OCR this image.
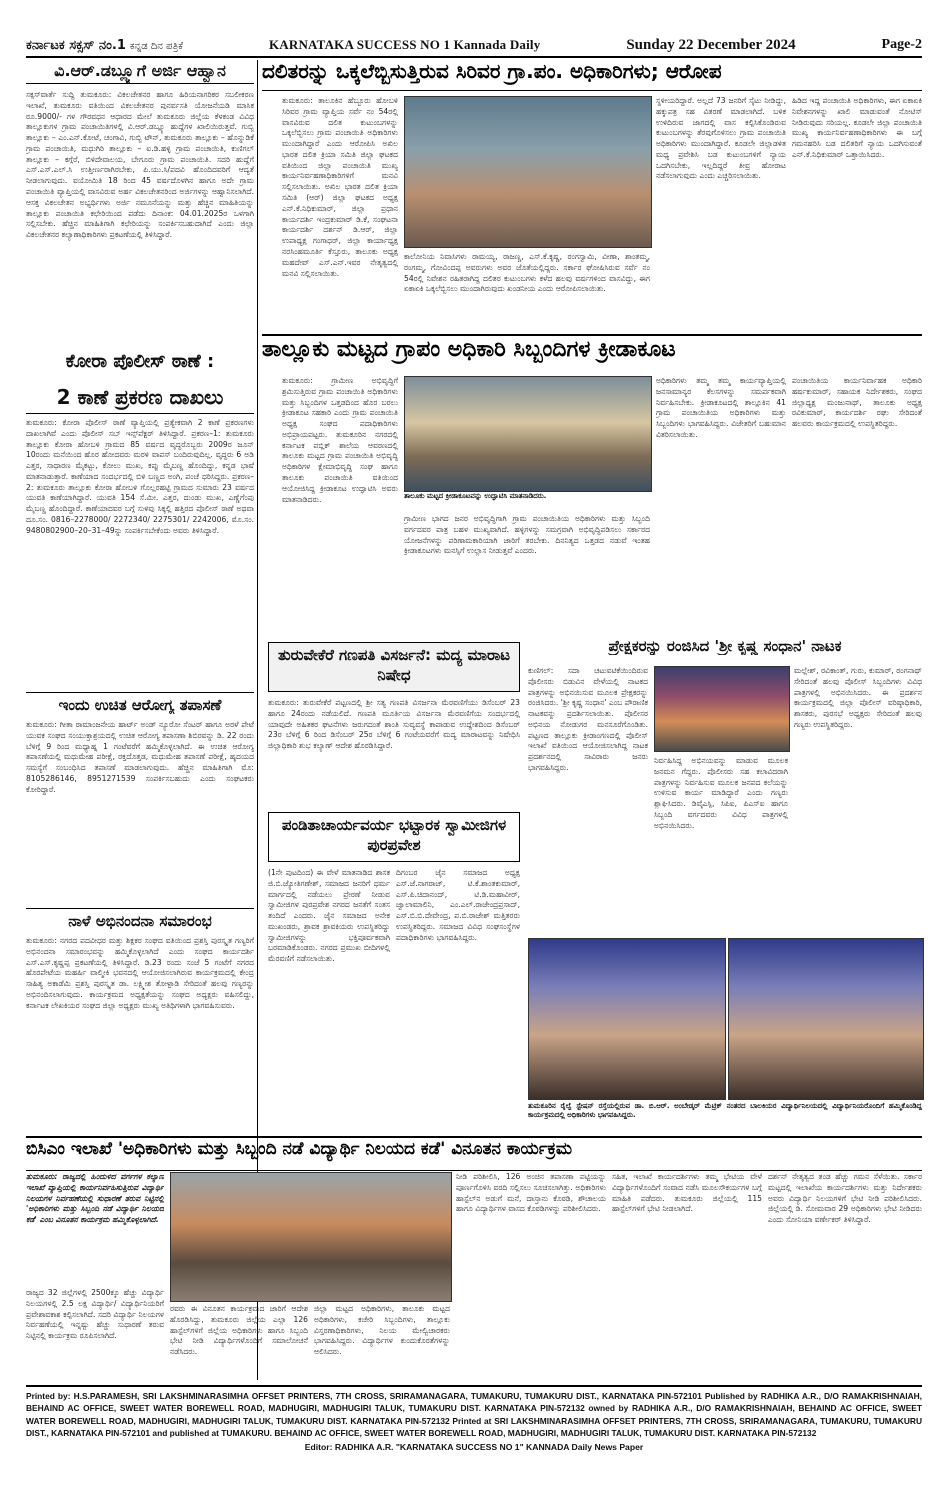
ಕರ್ನಾಟಕ ಸಕ್ಸಸ್ ನಂ.1 ಕನ್ನಡ ದಿನ ಪತ್ರಿಕೆ	KARNATAKA SUCCESS NO 1 Kannada Daily	Sunday 22 December 2024	Page-2
ವಿ.ಆರ್.ಡಬ್ಲ್ಯೂಗೆ ಅರ್ಜಿ ಆಹ್ವಾನ
ಸಕ್ಸಸ್‌ವಾರ್ತೆ ಸುದ್ದಿ ತುಮಕೂರು: ವಿಕಲಚೇತನರ ಹಾಗೂ ಹಿರಿಯನಾಗರಿಕರ ಸಬಲೀಕರಣ ಇಲಾಖೆ, ತುಮಕೂರು ವತಿಯಿಂದ ವಿಕಲಚೇತನರ ಪುನರ್ವಸತಿ ಯೋಜನೆಯಡಿ ಮಾಸಿಕ ರೂ.9000/- ಗಳ ಗೌರವಧನ ಆಧಾರದ ಮೇಲೆ ತುಮಕೂರು ಜಿಲ್ಲೆಯ ಕೆಳಕಂಡ ವಿವಿಧ ತಾಲ್ಲೂಕುಗಳ ಗ್ರಾಮ ಪಂಚಾಯಿತಿಗಳಲ್ಲಿ ವಿ.ಆರ್.ಡಬ್ಲ್ಯೂ ಹುದ್ದೆಗಳ ಖಾಲಿಯಿರುತ್ತವೆ. ಗುಬ್ಬಿ ತಾಲ್ಲೂಕು – ಎಂ.ಎನ್.ಕೋಟೆ, ಚಂಗಾವಿ, ಗುಬ್ಬಿ ಟೌನ್, ತುಮಕೂರು ತಾಲ್ಲೂಕು – ಹೊನ್ನುಡಿಕೆ ಗ್ರಾಮ ಪಂಚಾಯಿತಿ, ಮಧುಗಿರಿ ತಾಲ್ಲೂಕು – ಐ.ಡಿ.ಹಳ್ಳಿ ಗ್ರಾಮ ಪಂಚಾಯಿತಿ, ಕುಣಿಗಲ್ ತಾಲ್ಲೂಕು – ಕಗ್ಗೆರೆ, ಬಿಳಿದೇವಾಲಯ, ಬೇಗೂರು ಗ್ರಾಮ ಪಂಚಾಯಿತಿ. ಸದರಿ ಹುದ್ದೆಗೆ ಎಸ್.ಎಸ್.ಎಲ್.ಸಿ ಉತ್ತೀರ್ಣರಾಗಿರಬೇಕು, ಪಿ.ಯು.ಸಿ/ಪದವಿ ಹೊಂದಿದವರಿಗೆ ಆದ್ಯತೆ ನೀಡಲಾಗುವುದು. ವಯೋಮಿತಿ 18 ರಿಂದ 45 ವರ್ಷದೊಳಗಿನ ಹಾಗೂ ಅದೇ ಗ್ರಾಮ ಪಂಚಾಯಿತಿ ವ್ಯಾಪ್ತಿಯಲ್ಲಿ ವಾಸವಿರುವ ಅರ್ಹ ವಿಕಲಚೇತನರಿಂದ ಅರ್ಜಿಗಳನ್ನು ಆಹ್ವಾನಿಸಲಾಗಿದೆ. ಆಸಕ್ತ ವಿಕಲಚೇತನ ಅಭ್ಯರ್ಥಿಗಳು ಅರ್ಜಿ ನಮೂನೆಯನ್ನು ಮತ್ತು ಹೆಚ್ಚಿನ ಮಾಹಿತಿಯನ್ನು ತಾಲ್ಲೂಕು ಪಂಚಾಯಿತಿ ಕಛೇರಿಯಿಂದ ಪಡೆದು ದಿನಾಂಕ: 04.01.2025ರ ಒಳಗಾಗಿ ಸಲ್ಲಿಸಬೇಕು. ಹೆಚ್ಚಿನ ಮಾಹಿತಿಗಾಗಿ ಕಛೇರಿಯನ್ನು ಸಂಪರ್ಕಿಸಬಹುದಾಗಿದೆ ಎಂದು ಜಿಲ್ಲಾ ವಿಕಲಚೇತನರ ಕಲ್ಯಾಣಾಧಿಕಾರಿಗಳು ಪ್ರಕಟಣೆಯಲ್ಲಿ ತಿಳಿಸಿದ್ದಾರೆ.
ದಲಿತರನ್ನು ಒಕ್ಕಲೆಬ್ಬಿಸುತ್ತಿರುವ ಸಿರಿವರ ಗ್ರಾ.ಪಂ. ಅಧಿಕಾರಿಗಳು; ಆರೋಪ
ತುಮಕೂರು: ತಾಲೂಕಿನ ಹೆಬ್ಬೂರು ಹೋಬಳಿ ಸಿರಿವರ ಗ್ರಾಮ ವ್ಯಾಪ್ತಿಯ ಸರ್ವೆ ನಂ 54ರಲ್ಲಿ ವಾಸವಿರುವ ದಲಿತ ಕುಟುಂಬಗಳನ್ನು ಒಕ್ಕಲೆಬ್ಬಿಸಲು ಗ್ರಾಮ ಪಂಚಾಯಿತಿ ಅಧಿಕಾರಿಗಳು ಮುಂದಾಗಿದ್ದಾರೆ ಎಂದು ಆರೋಪಿಸಿ ಅಖಿಲ ಭಾರತ ದಲಿತ ಕ್ರಿಯಾ ಸಮಿತಿ ಜಿಲ್ಲಾ ಘಟಕದ ವತಿಯಿಂದ ಜಿಲ್ಲಾ ಪಂಚಾಯಿತಿ ಮುಖ್ಯ ಕಾರ್ಯನಿರ್ವಹಣಾಧಿಕಾರಿಗಳಿಗೆ ಮನವಿ ಸಲ್ಲಿಸಲಾಯಿತು. ಅಖಿಲ ಭಾರತ ದಲಿತ ಕ್ರಿಯಾ ಸಮಿತಿ (ಆರ್) ಜಿಲ್ಲಾ ಘಟಕದ ಅಧ್ಯಕ್ಷ ಎನ್.ಕೆ.ನಿಧಿಕುಮಾರ್, ಜಿಲ್ಲಾ ಪ್ರಧಾನ ಕಾರ್ಯದರ್ಶಿ ಇಂದ್ರಕುಮಾರ್ ಡಿ.ಕೆ, ಸಂಘಟನಾ ಕಾರ್ಯದರ್ಶಿ ದರ್ಶನ್ ಡಿ.ಆರ್, ಜಿಲ್ಲಾ ಉಪಾಧ್ಯಕ್ಷ ಗಂಗಾಧರ್, ಜಿಲ್ಲಾ ಕಾರ್ಯಾಧ್ಯಕ್ಷ ನರಸಿಂಹಮೂರ್ತಿ ಕೆಸ್ತೂರು, ತಾಲೂಕು ಅಧ್ಯಕ್ಷ ಮಹದೇವ್ ಎಸ್.ಎನ್.ಇವರ ನೇತೃತ್ವದಲ್ಲಿ ಮನವಿ ಸಲ್ಲಿಸಲಾಯಿತು.
ಕಾಲೋನಿಯ ನಿವಾಸಿಗಳು ರಾಮಯ್ಯ, ರಾಜಣ್ಣ, ಎಸ್.ಕೆ.ಕೃಷ್ಣ, ರಂಗಸ್ವಾಮಿ, ವೀಣಾ, ಶಾಂತಮ್ಮ, ರಂಗಮ್ಮ, ಗೋವಿಂದಪ್ಪ ಅವರುಗಳು ಅವರ ಜೊತೆಯಲ್ಲಿದ್ದರು. ಸರ್ಕಾರ ಘೋಷಿಸಿರುವ ಸರ್ವೆ ನಂ 54ರಲ್ಲಿ ನಿವೇಶನ ರಹಿತರಾಗಿದ್ದ ದಲಿತರ ಕುಟುಂಬಗಳು ಕಳೆದ ಹಲವು ವರ್ಷಗಳಿಂದ ವಾಸವಿದ್ದು, ಈಗ ಏಕಾಏಕಿ ಒಕ್ಕಲೆಬ್ಬಿಸಲು ಮುಂದಾಗಿರುವುದು ಖಂಡನೀಯ ಎಂದು ಆರೋಪಿಸಲಾಯಿತು.
ಸ್ಥಳೀಯರಿದ್ದಾರೆ. ಅಲ್ಲದೆ 73 ಜನರಿಗೆ ಸೈಟು ನೀಡಿದ್ದು, ಹಕ್ಕುಪತ್ರ ಸಹ ವಿತರಣೆ ಮಾಡಲಾಗಿದೆ. ಬಳಿಕ ಉಳಿದಿರುವ ಜಾಗದಲ್ಲಿ ವಾಸ ಕಲ್ಪಿಸಿಕೊಂಡಿರುವ ಕುಟುಂಬಗಳನ್ನು ತೆರವುಗೊಳಿಸಲು ಗ್ರಾಮ ಪಂಚಾಯಿತಿ ಅಧಿಕಾರಿಗಳು ಮುಂದಾಗಿದ್ದಾರೆ. ಕೂಡಲೇ ಜಿಲ್ಲಾಡಳಿತ ಮಧ್ಯ ಪ್ರವೇಶಿಸಿ ಬಡ ಕುಟುಂಬಗಳಿಗೆ ನ್ಯಾಯ ಒದಗಿಸಬೇಕು, ಇಲ್ಲದಿದ್ದರೆ ತೀವ್ರ ಹೋರಾಟ ನಡೆಸಲಾಗುವುದು ಎಂದು ಎಚ್ಚರಿಸಲಾಯಿತು.
ಹಿಡಿದ ಇದ್ದ ಪಂಚಾಯಿತಿ ಅಧಿಕಾರಿಗಳು, ಈಗ ಏಕಾಏಕಿ ನಿವೇಶನಗಳನ್ನು ಖಾಲಿ ಮಾಡುವಂತೆ ನೋಟಿಸ್ ನೀಡಿರುವುದು ಸರಿಯಲ್ಲ. ಕೂಡಲೇ ಜಿಲ್ಲಾ ಪಂಚಾಯಿತಿ ಮುಖ್ಯ ಕಾರ್ಯನಿರ್ವಹಣಾಧಿಕಾರಿಗಳು ಈ ಬಗ್ಗೆ ಗಮನಹರಿಸಿ ಬಡ ದಲಿತರಿಗೆ ನ್ಯಾಯ ಒದಗಿಸುವಂತೆ ಎನ್.ಕೆ.ನಿಧಿಕುಮಾರ್ ಒತ್ತಾಯಿಸಿದರು.
ಕೋರಾ ಪೊಲೀಸ್ ಠಾಣೆ :
2 ಕಾಣೆ ಪ್ರಕರಣ ದಾಖಲು
ತುಮಕೂರು: ಕೋರಾ ಪೊಲೀಸ್ ಠಾಣೆ ವ್ಯಾಪ್ತಿಯಲ್ಲಿ ಪ್ರತ್ಯೇಕವಾಗಿ 2 ಕಾಣೆ ಪ್ರಕರಣಗಳು ದಾಖಲಾಗಿವೆ ಎಂದು ಪೊಲೀಸ್ ಸಬ್ ಇನ್ಸ್‌ಪೆಕ್ಟರ್ ತಿಳಿಸಿದ್ದಾರೆ. ಪ್ರಕರಣ–1: ತುಮಕೂರು ತಾಲ್ಲೂಕು ಕೋರಾ ಹೋಬಳಿ ಗ್ರಾಮದ 85 ವರ್ಷದ ವೃದ್ಧರೊಬ್ಬರು 2009ರ ಜೂನ್ 10ರಂದು ಮನೆಯಿಂದ ಹೊರ ಹೋದವರು ಮರಳಿ ವಾಪಸ್ ಬಂದಿರುವುದಿಲ್ಲ. ವೃದ್ಧರು 6 ಅಡಿ ಎತ್ತರ, ಸಾಧಾರಣ ಮೈಕಟ್ಟು, ಕೋಲು ಮುಖ, ಕಪ್ಪು ಮೈಬಣ್ಣ ಹೊಂದಿದ್ದು, ಕನ್ನಡ ಭಾಷೆ ಮಾತನಾಡುತ್ತಾರೆ. ಕಾಣೆಯಾದ ಸಂದರ್ಭದಲ್ಲಿ ಬಿಳಿ ಬಣ್ಣದ ಅಂಗಿ, ಪಂಚೆ ಧರಿಸಿದ್ದರು. ಪ್ರಕರಣ–2: ತುಮಕೂರು ತಾಲ್ಲೂಕು ಕೋರಾ ಹೋಬಳಿ ಗೊಲ್ಲರಹಟ್ಟಿ ಗ್ರಾಮದ ಸುಮಾರು 23 ವರ್ಷದ ಯುವತಿ ಕಾಣೆಯಾಗಿದ್ದಾರೆ. ಯುವತಿ 154 ಸೆ.ಮೀ. ಎತ್ತರ, ದುಂಡು ಮುಖ, ಎಣ್ಣೆಗೆಂಪು ಮೈಬಣ್ಣ ಹೊಂದಿದ್ದಾರೆ. ಕಾಣೆಯಾದವರ ಬಗ್ಗೆ ಸುಳಿವು ಸಿಕ್ಕಲ್ಲಿ ಹತ್ತಿರದ ಪೊಲೀಸ್ ಠಾಣೆ ಅಥವಾ ದೂ.ಸಂ. 0816–2278000/ 2272340/ 2275301/ 2242006, ಮೊ.ಸಂ. 9480802900–20–31–49ನ್ನು ಸಂಪರ್ಕಿಸಬೇಕೆಂದು ಅವರು ತಿಳಿಸಿದ್ದಾರೆ.
ಇಂದು ಉಚಿತ ಆರೋಗ್ಯ ತಪಾಸಣೆ
ತುಮಕೂರು: ಗೀತಾ ರಾಮಾಂಜನೇಯ ಹಾರ್ಟ್ ಅಂಡ್ ನ್ಯೂರೋ ಸೆಂಟರ್ ಹಾಗೂ ಅರಳೆ ಪೇಟೆ ಯುವಕ ಸಂಘದ ಸಂಯುಕ್ತಾಶ್ರಯದಲ್ಲಿ ಉಚಿತ ಆರೋಗ್ಯ ತಪಾಸಣಾ ಶಿಬಿರವನ್ನು ಡಿ. 22 ರಂದು ಬೆಳಿಗ್ಗೆ 9 ರಿಂದ ಮಧ್ಯಾಹ್ನ 1 ಗಂಟೆವರೆಗೆ ಹಮ್ಮಿಕೊಳ್ಳಲಾಗಿದೆ. ಈ ಉಚಿತ ಆರೋಗ್ಯ ತಪಾಸಣೆಯಲ್ಲಿ ಮಧುಮೇಹ ಪರೀಕ್ಷೆ, ರಕ್ತದೊತ್ತಡ, ಮಧುಮೇಹ ತಪಾಸಣೆ ಪರೀಕ್ಷೆ, ಹೃದಯದ ಸಮಸ್ಯೆಗೆ ಸಂಬಂಧಿಸಿದ ತಪಾಸಣೆ ಮಾಡಲಾಗುವುದು. ಹೆಚ್ಚಿನ ಮಾಹಿತಿಗಾಗಿ ಮೊ: 8105286146, 8951271539 ಸಂಪರ್ಕಿಸಬಹುದು ಎಂದು ಸಂಘಟಕರು ಕೋರಿದ್ದಾರೆ.
ನಾಳೆ ಅಭಿನಂದನಾ ಸಮಾರಂಭ
ತುಮಕೂರು: ನಗರದ ಪದವೀಧರ ಮತ್ತು ಶಿಕ್ಷಕರ ಸಂಘದ ವತಿಯಿಂದ ಪ್ರಶಸ್ತಿ ಪುರಸ್ಕೃತ ಗಣ್ಯರಿಗೆ ಅಭಿನಂದನಾ ಸಮಾರಂಭವನ್ನು ಹಮ್ಮಿಕೊಳ್ಳಲಾಗಿದೆ ಎಂದು ಸಂಘದ ಕಾರ್ಯದರ್ಶಿ ಎಸ್.ಎಸ್.ಕೃಷ್ಣಪ್ಪ ಪ್ರಕಟಣೆಯಲ್ಲಿ ತಿಳಿಸಿದ್ದಾರೆ. ಡಿ.23 ರಂದು ಸಂಜೆ 5 ಗಂಟೆಗೆ ನಗರದ ಹೊರಪೇಟೆಯ ಮಹರ್ಷಿ ವಾಲ್ಮೀಕಿ ಭವನದಲ್ಲಿ ಆಯೋಜಿಸಲಾಗಿರುವ ಕಾರ್ಯಕ್ರಮದಲ್ಲಿ ಕೇಂದ್ರ ಸಾಹಿತ್ಯ ಅಕಾಡೆಮಿ ಪ್ರಶಸ್ತಿ ಪುರಸ್ಕೃತ ಡಾ. ಲಕ್ಷ್ಮೀಶ ತೋಳ್ಪಾಡಿ ಸೇರಿದಂತೆ ಹಲವು ಗಣ್ಯರನ್ನು ಅಭಿನಂದಿಸಲಾಗುವುದು. ಕಾರ್ಯಕ್ರಮದ ಅಧ್ಯಕ್ಷತೆಯನ್ನು ಸಂಘದ ಅಧ್ಯಕ್ಷರು ವಹಿಸಲಿದ್ದು, ಕರ್ನಾಟಕ ಲೇಖಕಿಯರ ಸಂಘದ ಜಿಲ್ಲಾ ಅಧ್ಯಕ್ಷರು ಮುಖ್ಯ ಅತಿಥಿಗಳಾಗಿ ಭಾಗವಹಿಸುವರು.
ತಾಲ್ಲೂಕು ಮಟ್ಟದ ಗ್ರಾಪಂ ಅಧಿಕಾರಿ ಸಿಬ್ಬಂದಿಗಳ ಕ್ರೀಡಾಕೂಟ
ತುಮಕೂರು: ಗ್ರಾಮೀಣ ಅಭಿವೃದ್ಧಿಗೆ ಶ್ರಮಿಸುತ್ತಿರುವ ಗ್ರಾಮ ಪಂಚಾಯಿತಿ ಅಧಿಕಾರಿಗಳು ಮತ್ತು ಸಿಬ್ಬಂದಿಗಳ ಒತ್ತಡದಿಂದ ಹೊರ ಬರಲು ಕ್ರೀಡಾಕೂಟ ಸಹಕಾರಿ ಎಂದು ಗ್ರಾಮ ಪಂಚಾಯಿತಿ ಅಧ್ಯಕ್ಷ ಸಂಘದ ಪದಾಧಿಕಾರಿಗಳು ಅಭಿಪ್ರಾಯಪಟ್ಟರು. ತುಮಕೂರಿನ ನಗರದಲ್ಲಿ ಕರ್ನಾಟಕ ಪಬ್ಲಿಕ್ ಶಾಲೆಯ ಆವರಣದಲ್ಲಿ ತಾಲೂಕು ಮಟ್ಟದ ಗ್ರಾಮ ಪಂಚಾಯಿತಿ ಅಭಿವೃದ್ಧಿ ಅಧಿಕಾರಿಗಳ ಕ್ಷೇಮಾಭಿವೃದ್ಧಿ ಸಂಘ ಹಾಗೂ ತಾಲೂಕು ಪಂಚಾಯಿತಿ ವತಿಯಿಂದ ಆಯೋಜಿಸಿದ್ದ ಕ್ರೀಡಾಕೂಟ ಉದ್ಘಾಟಿಸಿ ಅವರು ಮಾತನಾಡಿದರು.	ತಾಲೂಕು ಮಟ್ಟದ ಕ್ರೀಡಾಕೂಟವನ್ನು ಉದ್ಘಾಟಿಸಿ ಮಾತನಾಡಿದರು.
ಗ್ರಾಮೀಣ ಭಾಗದ ಜನರ ಅಭಿವೃದ್ಧಿಗಾಗಿ ಗ್ರಾಮ ಪಂಚಾಯಿತಿಯ ಅಧಿಕಾರಿಗಳು ಮತ್ತು ಸಿಬ್ಬಂದಿ ವರ್ಗದವರ ಪಾತ್ರ ಬಹಳ ಮುಖ್ಯವಾಗಿದೆ. ಹಳ್ಳಿಗಳನ್ನು ಸಮಗ್ರವಾಗಿ ಅಭಿವೃದ್ಧಿಪಡಿಸಲು ಸರ್ಕಾರದ ಯೋಜನೆಗಳನ್ನು ಪರಿಣಾಮಕಾರಿಯಾಗಿ ಜಾರಿಗೆ ತರಬೇಕು. ದಿನನಿತ್ಯದ ಒತ್ತಡದ ನಡುವೆ ಇಂತಹ ಕ್ರೀಡಾಕೂಟಗಳು ಮನಸ್ಸಿಗೆ ಉಲ್ಲಾಸ ನೀಡುತ್ತವೆ ಎಂದರು.
ಅಧಿಕಾರಿಗಳು ತಮ್ಮ ತಮ್ಮ ಕಾರ್ಯವ್ಯಾಪ್ತಿಯಲ್ಲಿ ಜನಸಾಮಾನ್ಯರ ಕೆಲಸಗಳನ್ನು ಸಮರ್ಪಕವಾಗಿ ನಿರ್ವಹಿಸಬೇಕು. ಕ್ರೀಡಾಕೂಟದಲ್ಲಿ ತಾಲ್ಲೂಕಿನ 41 ಗ್ರಾಮ ಪಂಚಾಯಿತಿಯ ಅಧಿಕಾರಿಗಳು ಮತ್ತು ಸಿಬ್ಬಂದಿಗಳು ಭಾಗವಹಿಸಿದ್ದರು. ವಿಜೇತರಿಗೆ ಬಹುಮಾನ ವಿತರಿಸಲಾಯಿತು.
ಪಂಚಾಯಿತಿಯ ಕಾರ್ಯನಿರ್ವಾಹಕ ಅಧಿಕಾರಿ ಹರ್ಷಕುಮಾರ್, ಸಹಾಯಕ ನಿರ್ದೇಶಕರು, ಸಂಘದ ಜಿಲ್ಲಾಧ್ಯಕ್ಷ ಮಂಜುನಾಥ್, ತಾಲೂಕು ಅಧ್ಯಕ್ಷ ರವಿಕುಮಾರ್, ಕಾರ್ಯದರ್ಶಿ ರಘು ಸೇರಿದಂತೆ ಹಲವರು ಕಾರ್ಯಕ್ರಮದಲ್ಲಿ ಉಪಸ್ಥಿತರಿದ್ದರು.
ತುರುವೇಕೆರೆ ಗಣಪತಿ ವಿಸರ್ಜನೆ: ಮದ್ಯ ಮಾರಾಟ ನಿಷೇಧ
ತುಮಕೂರು: ತುರುವೇಕೆರೆ ಪಟ್ಟಣದಲ್ಲಿ ಶ್ರೀ ಸತ್ಯ ಗಣಪತಿ ವಿಸರ್ಜನಾ ಮೆರವಣಿಗೆಯು ಡಿಸೆಂಬರ್ 23 ಹಾಗೂ 24ರಂದು ನಡೆಯಲಿದೆ. ಗಣಪತಿ ಮೂರ್ತಿಯ ವಿಸರ್ಜನಾ ಮೆರವಣಿಗೆಯ ಸಂದರ್ಭದಲ್ಲಿ ಯಾವುದೇ ಅಹಿತಕರ ಘಟನೆಗಳು ಜರುಗದಂತೆ ಶಾಂತಿ ಸುವ್ಯವಸ್ಥೆ ಕಾಪಾಡುವ ಉದ್ದೇಶದಿಂದ ಡಿಸೆಂಬರ್ 23ರ ಬೆಳಿಗ್ಗೆ 6 ರಿಂದ ಡಿಸೆಂಬರ್ 25ರ ಬೆಳಿಗ್ಗೆ 6 ಗಂಟೆಯವರೆಗೆ ಮದ್ಯ ಮಾರಾಟವನ್ನು ನಿಷೇಧಿಸಿ ಜಿಲ್ಲಾಧಿಕಾರಿ ಶುಭ ಕಲ್ಯಾಣ್ ಆದೇಶ ಹೊರಡಿಸಿದ್ದಾರೆ.
ಪಂಡಿತಾಚಾರ್ಯವರ್ಯ ಭಟ್ಟಾರಕ ಸ್ವಾಮೀಜಿಗಳ ಪುರಪ್ರವೇಶ
(1ನೇ ಪುಟದಿಂದ) ಈ ವೇಳೆ ಮಾತನಾಡಿದ ಶಾಸಕ ಜಿ.ಬಿ.ಜ್ಯೋತಿಗಣೇಶ್, ಸಮಾಜದ ಜನರಿಗೆ ಧರ್ಮ ಮಾರ್ಗದಲ್ಲಿ ನಡೆಯಲು ಪ್ರೇರಣೆ ನೀಡುವ ಸ್ವಾಮೀಜಿಗಳ ಪುರಪ್ರವೇಶ ನಗರದ ಜನತೆಗೆ ಸಂತಸ ತಂದಿದೆ ಎಂದರು. ಜೈನ ಸಮಾಜದ ಅನೇಕ ಮುಖಂಡರು, ಶ್ರಾವಕ ಶ್ರಾವಕಿಯರು ಉಪಸ್ಥಿತರಿದ್ದು ಸ್ವಾಮೀಜಿಗಳನ್ನು ಭಕ್ತಿಪೂರ್ವಕವಾಗಿ ಬರಮಾಡಿಕೊಂಡರು. ನಗರದ ಪ್ರಮುಖ ಬೀದಿಗಳಲ್ಲಿ ಮೆರವಣಿಗೆ ನಡೆಸಲಾಯಿತು.
ದಿಗಂಬರ ಜೈನ ಸಮಾಜದ ಅಧ್ಯಕ್ಷ ಎಸ್.ಜೆ.ನಾಗರಾಜ್, ಟಿ.ಕೆ.ಶಾಂತಕುಮಾರ್, ಎಸ್.ಪಿ.ಚಿದಾನಂದ್, ಟಿ.ಡಿ.ಮಹಾವೀರ್, ಜ್ವಾಲಾಮಾಲಿನಿ, ಎಂ.ಎಲ್.ರಾಜೇಂದ್ರಪ್ರಸಾದ್, ಎಸ್.ಬಿ.ಬಿ.ದೇವೇಂದ್ರ, ಪ.ಬಿ.ರಾಜೇಶ್ ಮತ್ತಿತರರು ಉಪಸ್ಥಿತರಿದ್ದರು. ಸಮಾಜದ ವಿವಿಧ ಸಂಘಸಂಸ್ಥೆಗಳ ಪದಾಧಿಕಾರಿಗಳು ಭಾಗವಹಿಸಿದ್ದರು.
ಪ್ರೇಕ್ಷಕರನ್ನು ರಂಜಿಸಿದ 'ಶ್ರೀ ಕೃಷ್ಣ ಸಂಧಾನ' ನಾಟಕ
ಕುಣಿಗಲ್: ಸದಾ ಚಟುವಟಿಕೆಯಿಂದಿರುವ ಪೊಲೀಸರು ಬಿಡುವಿನ ವೇಳೆಯಲ್ಲಿ ನಾಟಕದ ಪಾತ್ರಗಳನ್ನು ಅಭಿನಯಿಸುವ ಮೂಲಕ ಪ್ರೇಕ್ಷಕರನ್ನು ರಂಜಿಸಿದರು. 'ಶ್ರೀ ಕೃಷ್ಣ ಸಂಧಾನ' ಎಂಬ ಪೌರಾಣಿಕ ನಾಟಕವನ್ನು ಪ್ರದರ್ಶಿಸಲಾಯಿತು. ಪೊಲೀಸರ ಅಭಿನಯ ನೋಡುಗರ ಮನಸೂರೆಗೊಂಡಿತು. ಪಟ್ಟಣದ ತಾಲ್ಲೂಕು ಕ್ರೀಡಾಂಗಣದಲ್ಲಿ ಪೊಲೀಸ್ ಇಲಾಖೆ ವತಿಯಿಂದ ಆಯೋಜಿಸಲಾಗಿದ್ದ ನಾಟಕ ಪ್ರದರ್ಶನದಲ್ಲಿ ಸಾವಿರಾರು ಜನರು ಭಾಗವಹಿಸಿದ್ದರು.
ನಿರ್ವಹಿಸಿದ್ದ ಅಭಿನಯವನ್ನು ಮಾಡುವ ಮೂಲಕ ಜನಮನ ಗೆದ್ದರು. ಪೊಲೀಸರು ಸಹ ಕಲಾವಿದರಾಗಿ ಪಾತ್ರಗಳನ್ನು ನಿರ್ವಹಿಸುವ ಮೂಲಕ ಜನಪದ ಕಲೆಯನ್ನು ಉಳಿಸುವ ಕಾರ್ಯ ಮಾಡಿದ್ದಾರೆ ಎಂದು ಗಣ್ಯರು ಶ್ಲಾಘಿಸಿದರು. ಡಿವೈಎಸ್ಪಿ, ಸಿಪಿಐ, ಪಿಎಸ್ಐ ಹಾಗೂ ಸಿಬ್ಬಂದಿ ವರ್ಗದವರು ವಿವಿಧ ಪಾತ್ರಗಳಲ್ಲಿ ಅಭಿನಯಿಸಿದರು.
ಮಲ್ಲೇಶ್, ರವಿಕಾಂತ್, ಗುರು, ಕುಮಾರ್, ರಂಗನಾಥ್ ಸೇರಿದಂತೆ ಹಲವು ಪೊಲೀಸ್ ಸಿಬ್ಬಂದಿಗಳು ವಿವಿಧ ಪಾತ್ರಗಳಲ್ಲಿ ಅಭಿನಯಿಸಿದರು. ಈ ಪ್ರದರ್ಶನ ಕಾರ್ಯಕ್ರಮದಲ್ಲಿ ಜಿಲ್ಲಾ ಪೊಲೀಸ್ ವರಿಷ್ಠಾಧಿಕಾರಿ, ಶಾಸಕರು, ಪುರಸಭೆ ಅಧ್ಯಕ್ಷರು ಸೇರಿದಂತೆ ಹಲವು ಗಣ್ಯರು ಉಪಸ್ಥಿತರಿದ್ದರು.
ತುಮಕೂರಿನ ರೈಲ್ವೆ ಸ್ಟೇಷನ್ ರಸ್ತೆಯಲ್ಲಿರುವ ಡಾ. ಬಿ.ಆರ್. ಅಂಬೇಡ್ಕರ್ ಮೆಟ್ರಿಕ್ ನಂತರದ ಬಾಲಕಿಯರ ವಿದ್ಯಾರ್ಥಿನಿಲಯದಲ್ಲಿ ವಿದ್ಯಾರ್ಥಿನಿಯರೊಂದಿಗೆ ಹಮ್ಮಿಕೊಂಡಿದ್ದ ಕಾರ್ಯಕ್ರಮದಲ್ಲಿ ಅಧಿಕಾರಿಗಳು ಭಾಗವಹಿಸಿದ್ದರು.
ಬಿಸಿಎಂ ಇಲಾಖೆ 'ಅಧಿಕಾರಿಗಳು ಮತ್ತು ಸಿಬ್ಬಂದಿ ನಡೆ ವಿದ್ಯಾರ್ಥಿ ನಿಲಯದ ಕಡೆ' ವಿನೂತನ ಕಾರ್ಯಕ್ರಮ
ತುಮಕೂರು: ರಾಜ್ಯದಲ್ಲಿ ಹಿಂದುಳಿದ ವರ್ಗಗಳ ಕಲ್ಯಾಣ ಇಲಾಖೆ ವ್ಯಾಪ್ತಿಯಲ್ಲಿ ಕಾರ್ಯನಿರ್ವಹಿಸುತ್ತಿರುವ ವಿದ್ಯಾರ್ಥಿ ನಿಲಯಗಳ ನಿರ್ವಹಣೆಯಲ್ಲಿ ಸುಧಾರಣೆ ತರುವ ನಿಟ್ಟಿನಲ್ಲಿ 'ಅಧಿಕಾರಿಗಳು ಮತ್ತು ಸಿಬ್ಬಂದಿ ನಡೆ ವಿದ್ಯಾರ್ಥಿ ನಿಲಯದ ಕಡೆ' ಎಂಬ ವಿನೂತನ ಕಾರ್ಯಕ್ರಮ ಹಮ್ಮಿಕೊಳ್ಳಲಾಗಿದೆ.
ರಾಜ್ಯದ 32 ಜಿಲ್ಲೆಗಳಲ್ಲಿ 2500ಕ್ಕೂ ಹೆಚ್ಚು ವಿದ್ಯಾರ್ಥಿ ನಿಲಯಗಳಲ್ಲಿ 2.5 ಲಕ್ಷ ವಿದ್ಯಾರ್ಥಿ/ ವಿದ್ಯಾರ್ಥಿನಿಯರಿಗೆ ಪ್ರವೇಶಾವಕಾಶ ಕಲ್ಪಿಸಲಾಗಿದೆ. ಸದರಿ ವಿದ್ಯಾರ್ಥಿ ನಿಲಯಗಳ ನಿರ್ವಹಣೆಯಲ್ಲಿ ಇನ್ನಷ್ಟು ಹೆಚ್ಚು ಸುಧಾರಣೆ ತರುವ ನಿಟ್ಟಿನಲ್ಲಿ ಕಾರ್ಯಕ್ರಮ ರೂಪಿಸಲಾಗಿದೆ.
ರವರು ಈ ವಿನೂತನ ಕಾರ್ಯಕ್ರಮದ ಜಾರಿಗೆ ಆದೇಶ ಹೊರಡಿಸಿದ್ದು, ತುಮಕೂರು ಜಿಲ್ಲೆಯ ಎಲ್ಲಾ 126 ಹಾಸ್ಟೆಲ್‌ಗಳಿಗೆ ಜಿಲ್ಲೆಯ ಅಧಿಕಾರಿಗಳು ಹಾಗೂ ಸಿಬ್ಬಂದಿ ಭೇಟಿ ನೀಡಿ ವಿದ್ಯಾರ್ಥಿಗಳೊಂದಿಗೆ ಸಮಾಲೋಚನೆ ನಡೆಸಿದರು.
ಜಿಲ್ಲಾ ಮಟ್ಟದ ಅಧಿಕಾರಿಗಳು, ತಾಲೂಕು ಮಟ್ಟದ ಅಧಿಕಾರಿಗಳು, ಕಚೇರಿ ಸಿಬ್ಬಂದಿಗಳು, ತಾಲ್ಲೂಕು ವಿಸ್ತರಣಾಧಿಕಾರಿಗಳು, ನಿಲಯ ಮೇಲ್ವಿಚಾರಕರು ಭಾಗವಹಿಸಿದ್ದರು. ವಿದ್ಯಾರ್ಥಿಗಳ ಕುಂದುಕೊರತೆಗಳನ್ನು ಆಲಿಸಿದರು.
ನೀಡಿ ಪರಿಶೀಲಿಸಿ, 126 ಅಂಚಿನ ತಪಾಸಣಾ ಪಟ್ಟಿಯನ್ನು ಪೂರ್ಣಗೊಳಿಸಿ ವರದಿ ಸಲ್ಲಿಸಲು ಸೂಚಿಸಲಾಗಿತ್ತು. ಅಧಿಕಾರಿಗಳು ಹಾಸ್ಟೆಲ್‌ನ ಅಡುಗೆ ಮನೆ, ದಾಸ್ತಾನು ಕೊಠಡಿ, ಶೌಚಾಲಯ ಹಾಗೂ ವಿದ್ಯಾರ್ಥಿಗಳ ವಾಸದ ಕೊಠಡಿಗಳನ್ನು ಪರಿಶೀಲಿಸಿದರು.
ಸಹಿತ, ಇಲಾಖೆ ಕಾರ್ಯದರ್ಶಿಗಳು ತಮ್ಮ ಭೇಟಿಯ ವೇಳೆ ವಿದ್ಯಾರ್ಥಿಗಳೊಂದಿಗೆ ಸಂವಾದ ನಡೆಸಿ ಮೂಲಸೌಕರ್ಯಗಳ ಬಗ್ಗೆ ಮಾಹಿತಿ ಪಡೆದರು. ತುಮಕೂರು ಜಿಲ್ಲೆಯಲ್ಲಿ 115 ಹಾಸ್ಟೆಲ್‌ಗಳಿಗೆ ಭೇಟಿ ನೀಡಲಾಗಿದೆ.
ದರ್ಶನ್ ನೇತೃತ್ವದ ತಂಡ ಹೆಚ್ಚು ಗಮನ ಸೆಳೆಯಿತು. ಸರ್ಕಾರ ಮಟ್ಟದಲ್ಲಿ ಇಲಾಖೆಯ ಕಾರ್ಯದರ್ಶಿಗಳು ಮತ್ತು ನಿರ್ದೇಶಕರು ಅವರು ವಿದ್ಯಾರ್ಥಿ ನಿಲಯಗಳಿಗೆ ಭೇಟಿ ನೀಡಿ ಪರಿಶೀಲಿಸಿದರು. ಜಿಲ್ಲೆಯಲ್ಲಿ ಡಿ. ಸೋಮವಾರ 29 ಅಧಿಕಾರಿಗಳು ಭೇಟಿ ನೀಡಿದರು ಎಂದು ಸೋನಿಯಾ ವರ್ಣೇಕರ್ ತಿಳಿಸಿದ್ದಾರೆ.
Printed by: H.S.PARAMESH, SRI LAKSHMINARASIMHA OFFSET PRINTERS, 7TH CROSS, SRIRAMANAGARA, TUMAKURU, TUMAKURU DIST., KARNATAKA PIN-572101 Published by RADHIKA A.R., D/O RAMAKRISHNAIAH, BEHAIND AC OFFICE, SWEET WATER BOREWELL ROAD, MADHUGIRI, MADHUGIRI TALUK, TUMAKURU DIST. KARNATAKA PIN-572132 owned by RADHIKA A.R., D/O RAMAKRISHNAIAH, BEHAIND AC OFFICE, SWEET WATER BOREWELL ROAD, MADHUGIRI, MADHUGIRI TALUK, TUMAKURU DIST. KARNATAKA PIN-572132 Printed at SRI LAKSHMINARASIMHA OFFSET PRINTERS, 7TH CROSS, SRIRAMANAGARA, TUMAKURU, TUMAKURU DIST., KARNATAKA PIN-572101 and published at TUMAKURU. BEHAIND AC OFFICE, SWEET WATER BOREWELL ROAD, MADHUGIRI, MADHUGIRI TALUK, TUMAKURU DIST. KARNATAKA PIN-572132
Editor: RADHIKA A.R. "KARNATAKA SUCCESS NO 1" KANNADA Daily News Paper
